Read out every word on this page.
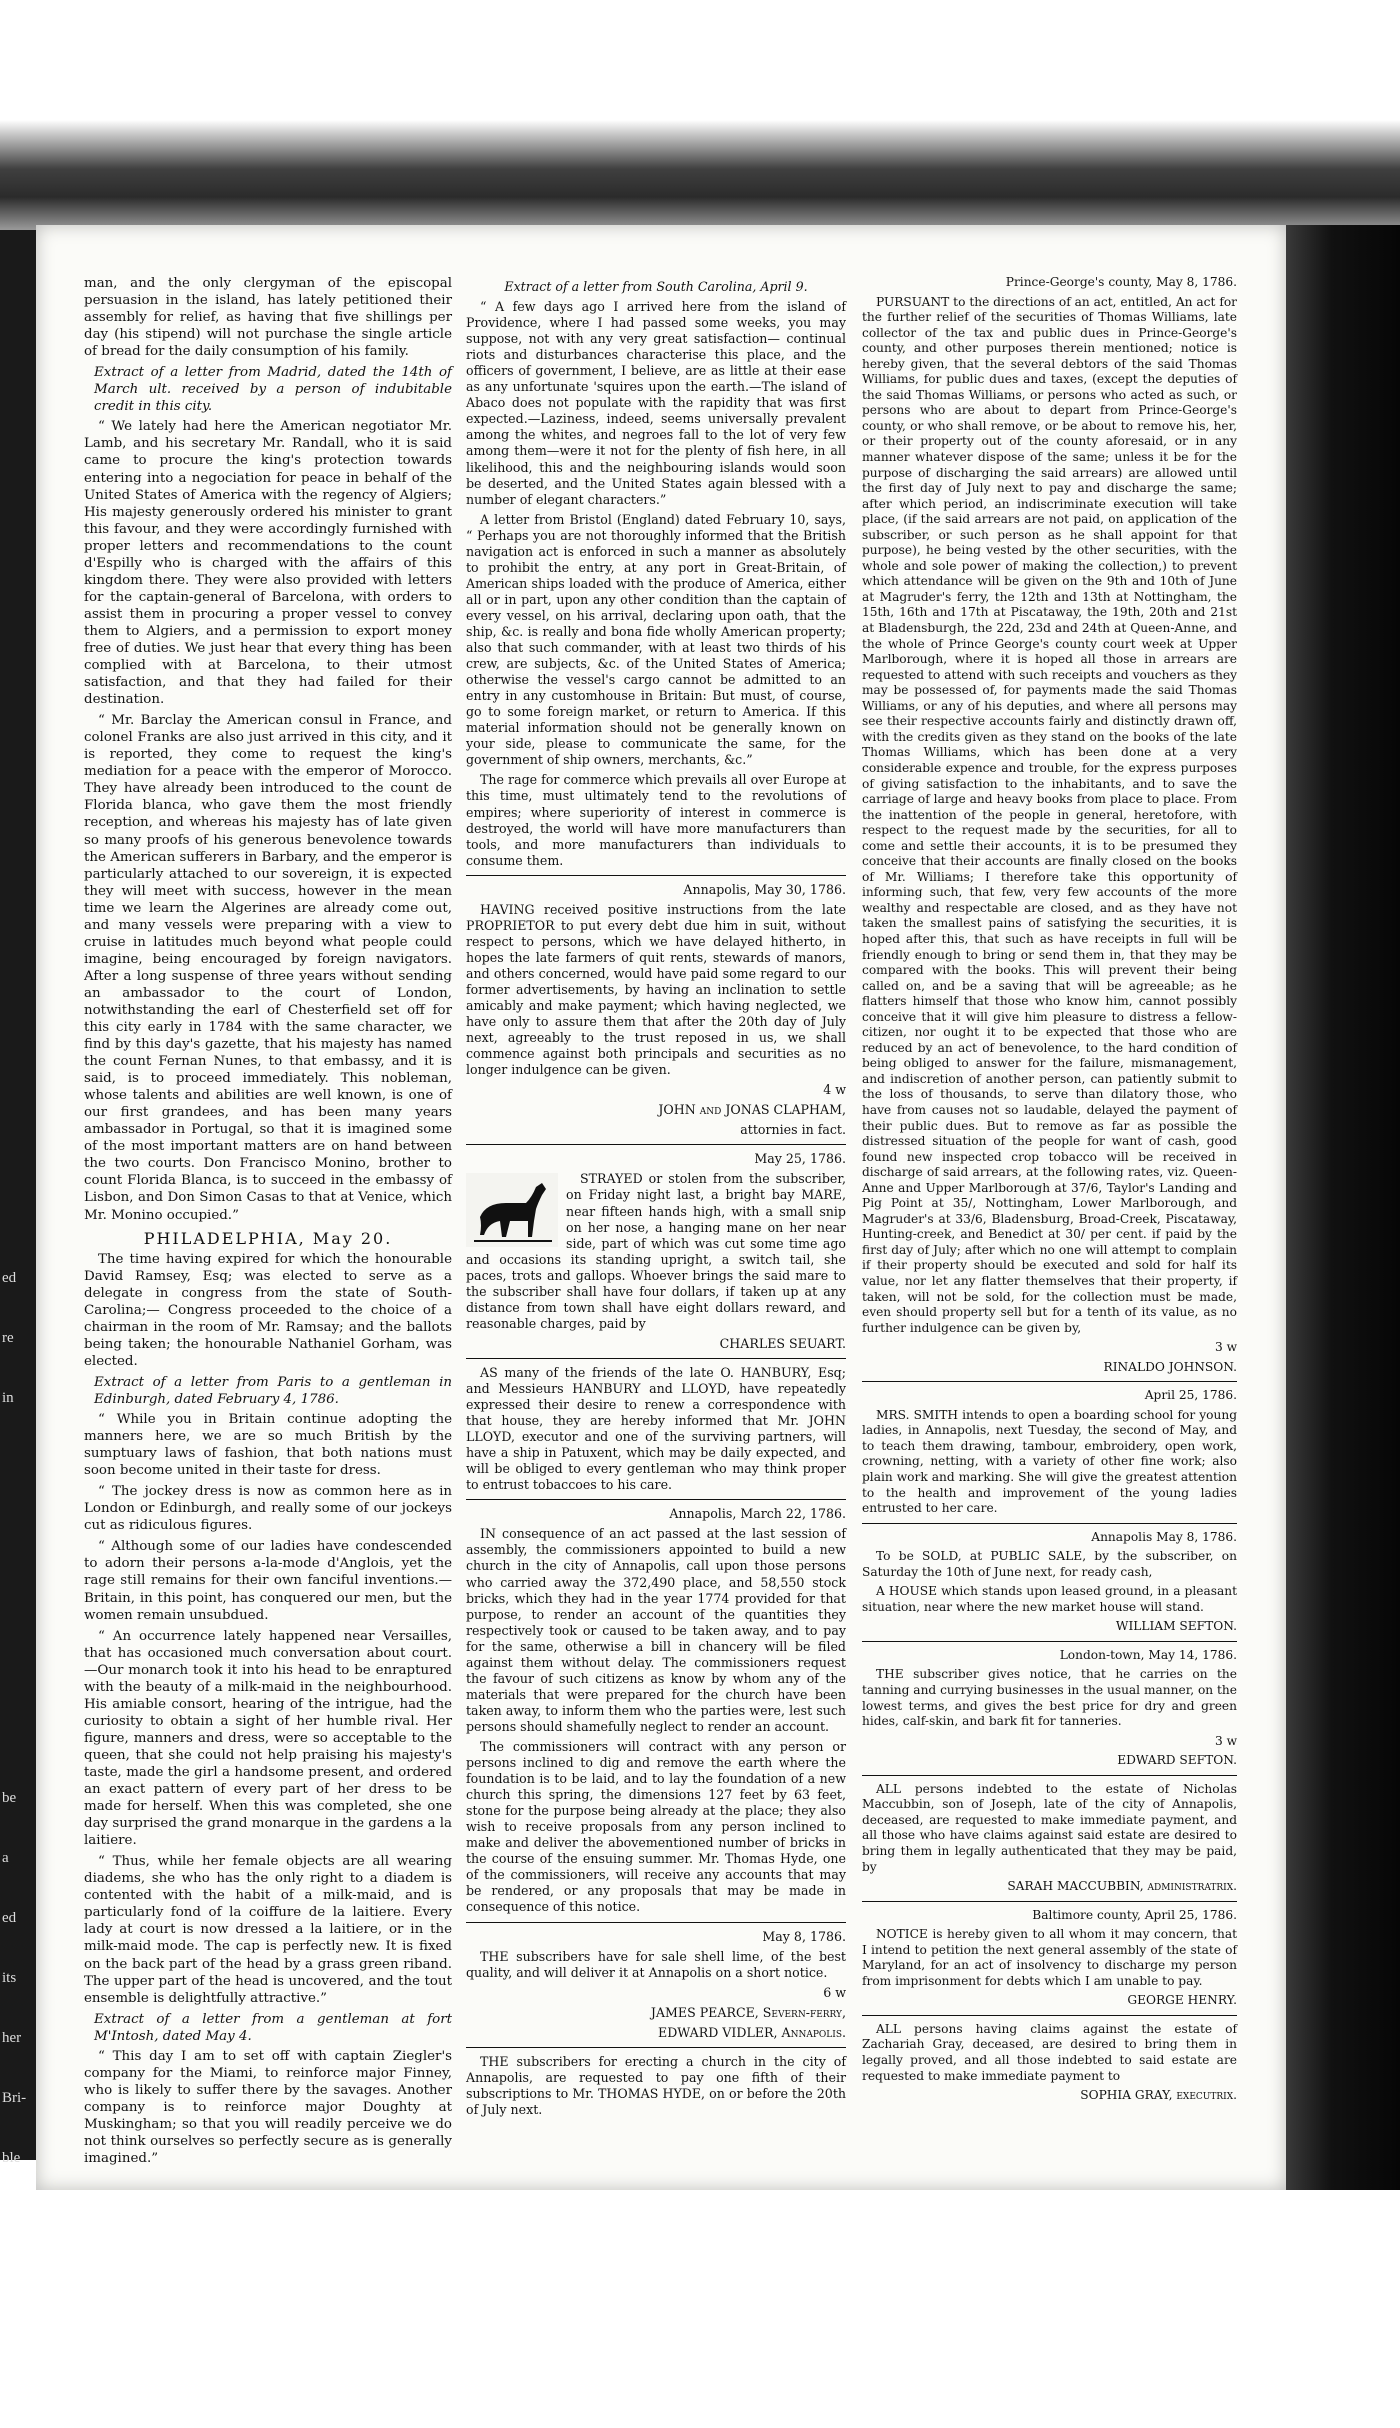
ed
re
in
be
a
ed
its
her
Bri-
ble

man, and the only clergyman of the episcopal persuasion in the island, has lately petitioned their assembly for relief, as having that five shillings per day (his stipend) will not purchase the single article of bread for the daily consumption of his family.

Extract of a letter from Madrid, dated the 14th of March ult. received by a person of indubitable credit in this city.

“ We lately had here the American negotiator Mr. Lamb, and his secretary Mr. Randall, who it is said came to procure the king's protection towards entering into a negociation for peace in behalf of the United States of America with the regency of Algiers; His majesty generously ordered his minister to grant this favour, and they were accordingly furnished with proper letters and recommendations to the count d'Espilly who is charged with the affairs of this kingdom there. They were also provided with letters for the captain-general of Barcelona, with orders to assist them in procuring a proper vessel to convey them to Algiers, and a permission to export money free of duties. We just hear that every thing has been complied with at Barcelona, to their utmost satisfaction, and that they had failed for their destination.

“ Mr. Barclay the American consul in France, and colonel Franks are also just arrived in this city, and it is reported, they come to request the king's mediation for a peace with the emperor of Morocco. They have already been introduced to the count de Florida blanca, who gave them the most friendly reception, and whereas his majesty has of late given so many proofs of his generous benevolence towards the American sufferers in Barbary, and the emperor is particularly attached to our sovereign, it is expected they will meet with success, however in the mean time we learn the Algerines are already come out, and many vessels were preparing with a view to cruise in latitudes much beyond what people could imagine, being encouraged by foreign navigators. After a long suspense of three years without sending an ambassador to the court of London, notwithstanding the earl of Chesterfield set off for this city early in 1784 with the same character, we find by this day's gazette, that his majesty has named the count Fernan Nunes, to that embassy, and it is said, is to proceed immediately. This nobleman, whose talents and abilities are well known, is one of our first grandees, and has been many years ambassador in Portugal, so that it is imagined some of the most important matters are on hand between the two courts. Don Francisco Monino, brother to count Florida Blanca, is to succeed in the embassy of Lisbon, and Don Simon Casas to that at Venice, which Mr. Monino occupied.”

PHILADELPHIA, May 20.

The time having expired for which the honourable David Ramsey, Esq; was elected to serve as a delegate in congress from the state of South-Carolina;— Congress proceeded to the choice of a chairman in the room of Mr. Ramsay; and the ballots being taken; the honourable Nathaniel Gorham, was elected.

Extract of a letter from Paris to a gentleman in Edinburgh, dated February 4, 1786.

“ While you in Britain continue adopting the manners here, we are so much British by the sumptuary laws of fashion, that both nations must soon become united in their taste for dress.

“ The jockey dress is now as common here as in London or Edinburgh, and really some of our jockeys cut as ridiculous figures.

“ Although some of our ladies have condescended to adorn their persons a-la-mode d'Anglois, yet the rage still remains for their own fanciful inventions.— Britain, in this point, has conquered our men, but the women remain unsubdued.

“ An occurrence lately happened near Versailles, that has occasioned much conversation about court. —Our monarch took it into his head to be enraptured with the beauty of a milk-maid in the neighbourhood. His amiable consort, hearing of the intrigue, had the curiosity to obtain a sight of her humble rival. Her figure, manners and dress, were so acceptable to the queen, that she could not help praising his majesty's taste, made the girl a handsome present, and ordered an exact pattern of every part of her dress to be made for herself. When this was completed, she one day surprised the grand monarque in the gardens a la laitiere.

“ Thus, while her female objects are all wearing diadems, she who has the only right to a diadem is contented with the habit of a milk-maid, and is particularly fond of la coiffure de la laitiere. Every lady at court is now dressed a la laitiere, or in the milk-maid mode. The cap is perfectly new. It is fixed on the back part of the head by a grass green riband. The upper part of the head is uncovered, and the tout ensemble is delightfully attractive.”

Extract of a letter from a gentleman at fort M'Intosh, dated May 4.

“ This day I am to set off with captain Ziegler's company for the Miami, to reinforce major Finney, who is likely to suffer there by the savages. Another company is to reinforce major Doughty at Muskingham; so that you will readily perceive we do not think ourselves so perfectly secure as is generally imagined.”

Extract of a letter from South Carolina, April 9.

“ A few days ago I arrived here from the island of Providence, where I had passed some weeks, you may suppose, not with any very great satisfaction— continual riots and disturbances characterise this place, and the officers of government, I believe, are as little at their ease as any unfortunate 'squires upon the earth.—The island of Abaco does not populate with the rapidity that was first expected.—Laziness, indeed, seems universally prevalent among the whites, and negroes fall to the lot of very few among them—were it not for the plenty of fish here, in all likelihood, this and the neighbouring islands would soon be deserted, and the United States again blessed with a number of elegant characters.”

A letter from Bristol (England) dated February 10, says, “ Perhaps you are not thoroughly informed that the British navigation act is enforced in such a manner as absolutely to prohibit the entry, at any port in Great-Britain, of American ships loaded with the produce of America, either all or in part, upon any other condition than the captain of every vessel, on his arrival, declaring upon oath, that the ship, &c. is really and bona fide wholly American property; also that such commander, with at least two thirds of his crew, are subjects, &c. of the United States of America; otherwise the vessel's cargo cannot be admitted to an entry in any customhouse in Britain: But must, of course, go to some foreign market, or return to America. If this material information should not be generally known on your side, please to communicate the same, for the government of ship owners, merchants, &c.”

The rage for commerce which prevails all over Europe at this time, must ultimately tend to the revolutions of empires; where superiority of interest in commerce is destroyed, the world will have more manufacturers than tools, and more manufacturers than individuals to consume them.

Annapolis, May 30, 1786.

HAVING received positive instructions from the late PROPRIETOR to put every debt due him in suit, without respect to persons, which we have delayed hitherto, in hopes the late farmers of quit rents, stewards of manors, and others concerned, would have paid some regard to our former advertisements, by having an inclination to settle amicably and make payment; which having neglected, we have only to assure them that after the 20th day of July next, agreeably to the trust reposed in us, we shall commence against both principals and securities as no longer indulgence can be given.

4 w

JOHN and JONAS CLAPHAM,

attornies in fact.

May 25, 1786.

STRAYED or stolen from the subscriber, on Friday night last, a bright bay MARE, near fifteen hands high, with a small snip on her nose, a hanging mane on her near side, part of which was cut some time ago and occasions its standing upright, a switch tail, she paces, trots and gallops. Whoever brings the said mare to the subscriber shall have four dollars, if taken up at any distance from town shall have eight dollars reward, and reasonable charges, paid by

CHARLES SEUART.

AS many of the friends of the late O. HANBURY, Esq; and Messieurs HANBURY and LLOYD, have repeatedly expressed their desire to renew a correspondence with that house, they are hereby informed that Mr. JOHN LLOYD, executor and one of the surviving partners, will have a ship in Patuxent, which may be daily expected, and will be obliged to every gentleman who may think proper to entrust tobaccoes to his care.

Annapolis, March 22, 1786.

IN consequence of an act passed at the last session of assembly, the commissioners appointed to build a new church in the city of Annapolis, call upon those persons who carried away the 372,490 place, and 58,550 stock bricks, which they had in the year 1774 provided for that purpose, to render an account of the quantities they respectively took or caused to be taken away, and to pay for the same, otherwise a bill in chancery will be filed against them without delay. The commissioners request the favour of such citizens as know by whom any of the materials that were prepared for the church have been taken away, to inform them who the parties were, lest such persons should shamefully neglect to render an account.

The commissioners will contract with any person or persons inclined to dig and remove the earth where the foundation is to be laid, and to lay the foundation of a new church this spring, the dimensions 127 feet by 63 feet, stone for the purpose being already at the place; they also wish to receive proposals from any person inclined to make and deliver the abovementioned number of bricks in the course of the ensuing summer. Mr. Thomas Hyde, one of the commissioners, will receive any accounts that may be rendered, or any proposals that may be made in consequence of this notice.

May 8, 1786.

THE subscribers have for sale shell lime, of the best quality, and will deliver it at Annapolis on a short notice.

6 w

JAMES PEARCE, Severn-ferry,

EDWARD VIDLER, Annapolis.

THE subscribers for erecting a church in the city of Annapolis, are requested to pay one fifth of their subscriptions to Mr. THOMAS HYDE, on or before the 20th of July next.

Prince-George's county, May 8, 1786.

PURSUANT to the directions of an act, entitled, An act for the further relief of the securities of Thomas Williams, late collector of the tax and public dues in Prince-George's county, and other purposes therein mentioned; notice is hereby given, that the several debtors of the said Thomas Williams, for public dues and taxes, (except the deputies of the said Thomas Williams, or persons who acted as such, or persons who are about to depart from Prince-George's county, or who shall remove, or be about to remove his, her, or their property out of the county aforesaid, or in any manner whatever dispose of the same; unless it be for the purpose of discharging the said arrears) are allowed until the first day of July next to pay and discharge the same; after which period, an indiscriminate execution will take place, (if the said arrears are not paid, on application of the subscriber, or such person as he shall appoint for that purpose), he being vested by the other securities, with the whole and sole power of making the collection,) to prevent which attendance will be given on the 9th and 10th of June at Magruder's ferry, the 12th and 13th at Nottingham, the 15th, 16th and 17th at Piscataway, the 19th, 20th and 21st at Bladensburgh, the 22d, 23d and 24th at Queen-Anne, and the whole of Prince George's county court week at Upper Marlborough, where it is hoped all those in arrears are requested to attend with such receipts and vouchers as they may be possessed of, for payments made the said Thomas Williams, or any of his deputies, and where all persons may see their respective accounts fairly and distinctly drawn off, with the credits given as they stand on the books of the late Thomas Williams, which has been done at a very considerable expence and trouble, for the express purposes of giving satisfaction to the inhabitants, and to save the carriage of large and heavy books from place to place. From the inattention of the people in general, heretofore, with respect to the request made by the securities, for all to come and settle their accounts, it is to be presumed they conceive that their accounts are finally closed on the books of Mr. Williams; I therefore take this opportunity of informing such, that few, very few accounts of the more wealthy and respectable are closed, and as they have not taken the smallest pains of satisfying the securities, it is hoped after this, that such as have receipts in full will be friendly enough to bring or send them in, that they may be compared with the books. This will prevent their being called on, and be a saving that will be agreeable; as he flatters himself that those who know him, cannot possibly conceive that it will give him pleasure to distress a fellow-citizen, nor ought it to be expected that those who are reduced by an act of benevolence, to the hard condition of being obliged to answer for the failure, mismanagement, and indiscretion of another person, can patiently submit to the loss of thousands, to serve than dilatory those, who have from causes not so laudable, delayed the payment of their public dues. But to remove as far as possible the distressed situation of the people for want of cash, good found new inspected crop tobacco will be received in discharge of said arrears, at the following rates, viz. Queen-Anne and Upper Marlborough at 37/6, Taylor's Landing and Pig Point at 35/, Nottingham, Lower Marlborough, and Magruder's at 33/6, Bladensburg, Broad-Creek, Piscataway, Hunting-creek, and Benedict at 30/ per cent. if paid by the first day of July; after which no one will attempt to complain if their property should be executed and sold for half its value, nor let any flatter themselves that their property, if taken, will not be sold, for the collection must be made, even should property sell but for a tenth of its value, as no further indulgence can be given by,

3 w

RINALDO JOHNSON.

April 25, 1786.

MRS. SMITH intends to open a boarding school for young ladies, in Annapolis, next Tuesday, the second of May, and to teach them drawing, tambour, embroidery, open work, crowning, netting, with a variety of other fine work; also plain work and marking. She will give the greatest attention to the health and improvement of the young ladies entrusted to her care.

Annapolis May 8, 1786.

To be SOLD, at PUBLIC SALE, by the subscriber, on Saturday the 10th of June next, for ready cash,

A HOUSE which stands upon leased ground, in a pleasant situation, near where the new market house will stand.

WILLIAM SEFTON.

London-town, May 14, 1786.

THE subscriber gives notice, that he carries on the tanning and currying businesses in the usual manner, on the lowest terms, and gives the best price for dry and green hides, calf-skin, and bark fit for tanneries.

3 w

EDWARD SEFTON.

ALL persons indebted to the estate of Nicholas Maccubbin, son of Joseph, late of the city of Annapolis, deceased, are requested to make immediate payment, and all those who have claims against said estate are desired to bring them in legally authenticated that they may be paid, by

SARAH MACCUBBIN, administratrix.

Baltimore county, April 25, 1786.

NOTICE is hereby given to all whom it may concern, that I intend to petition the next general assembly of the state of Maryland, for an act of insolvency to discharge my person from imprisonment for debts which I am unable to pay.

GEORGE HENRY.

ALL persons having claims against the estate of Zachariah Gray, deceased, are desired to bring them in legally proved, and all those indebted to said estate are requested to make immediate payment to

SOPHIA GRAY, executrix.
